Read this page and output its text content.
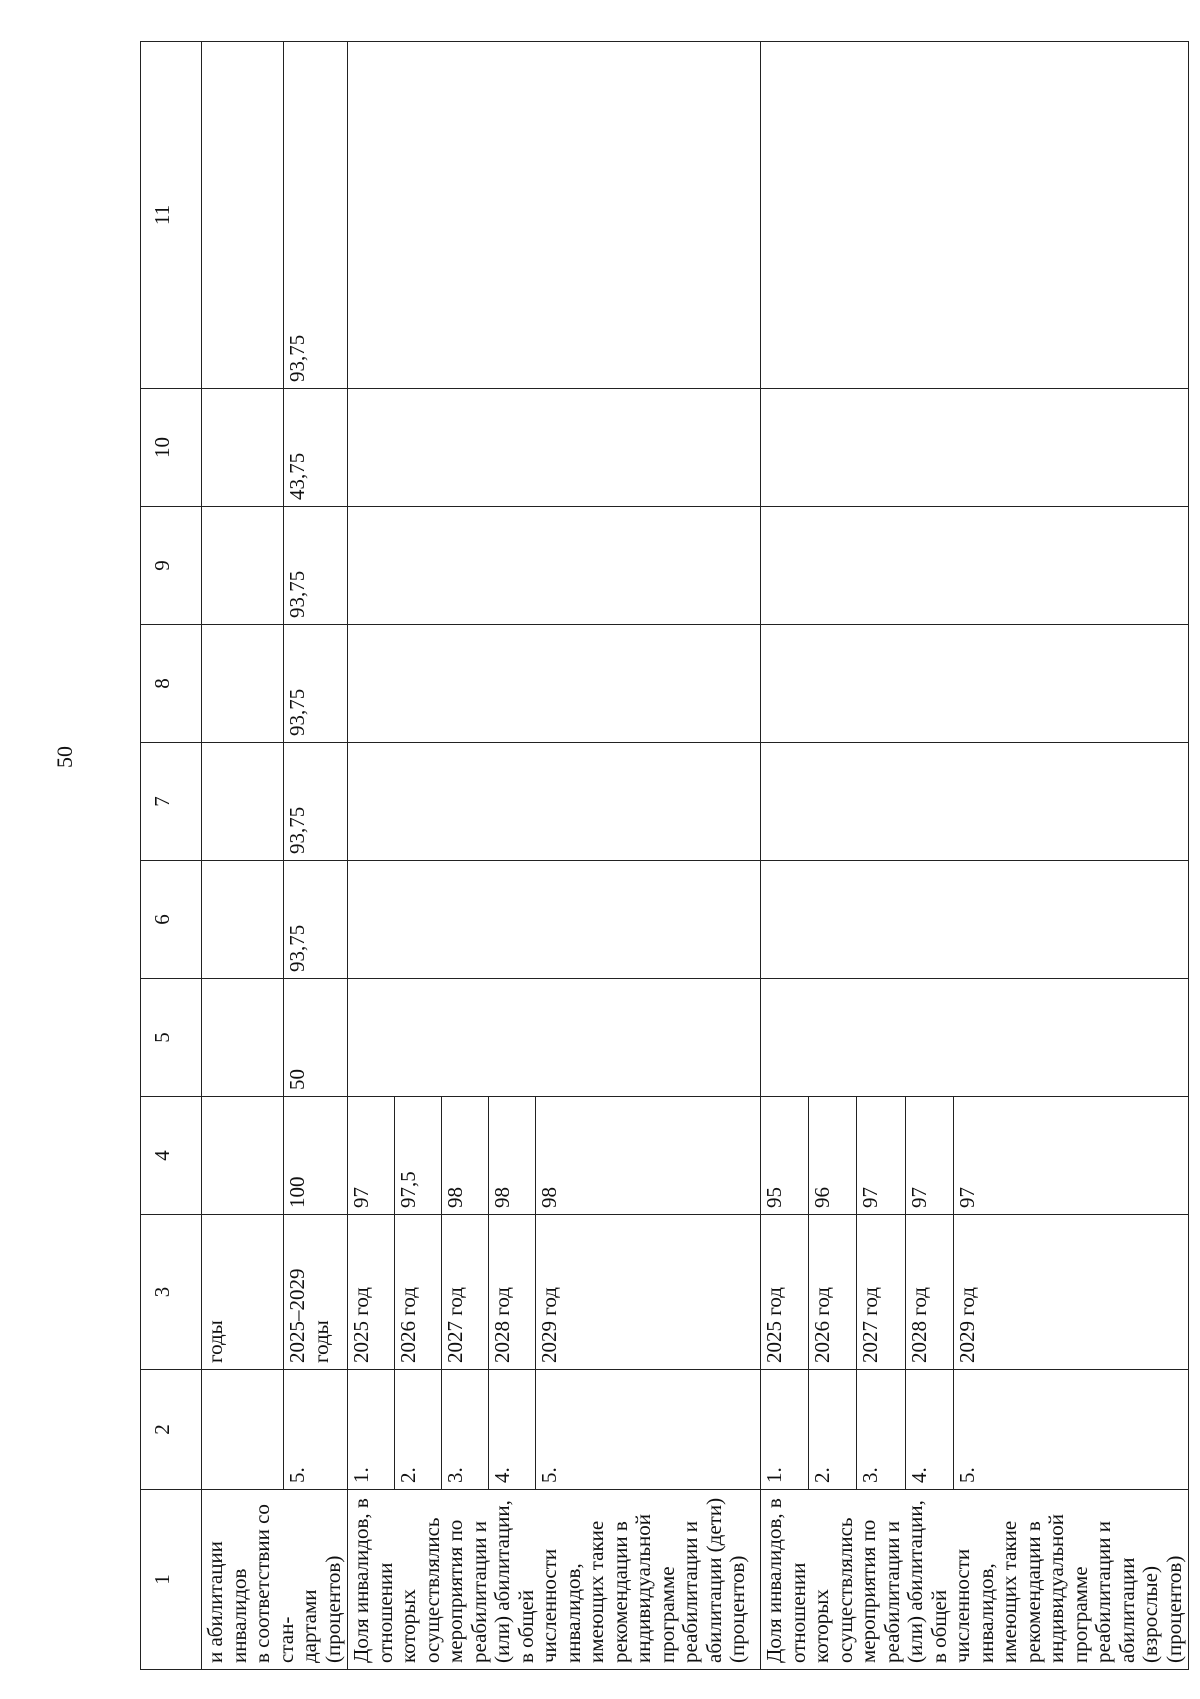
50
1	2	3	4	5	6	7	8	9	10	11

и абилитации инвалидов в соответствии со стан- дартами (процентов)		годы								
	5.	2025–2029 годы	100	50	93,75	93,75	93,75	93,75	43,75	93,75
Доля инвалидов, в отношении которых осуществлялись мероприятия по реабилитации и (или) абилитации, в общей численности инвалидов, имеющих такие рекомендации в индивидуальной программе реабилитации и абилитации (дети) (процентов)	1.	2025 год	97							
	2.	2026 год	97,5							
	3.	2027 год	98							
	4.	2028 год	98							
	5.	2029 год	98							
Доля инвалидов, в отношении которых осуществлялись мероприятия по реабилитации и (или) абилитации, в общей численности инвалидов, имеющих такие рекомендации в индивидуальной программе реабилитации и абилитации (взрослые) (процентов)	1.	2025 год	95							
	2.	2026 год	96							
	3.	2027 год	97							
	4.	2028 год	97							
	5.	2029 год	97							
